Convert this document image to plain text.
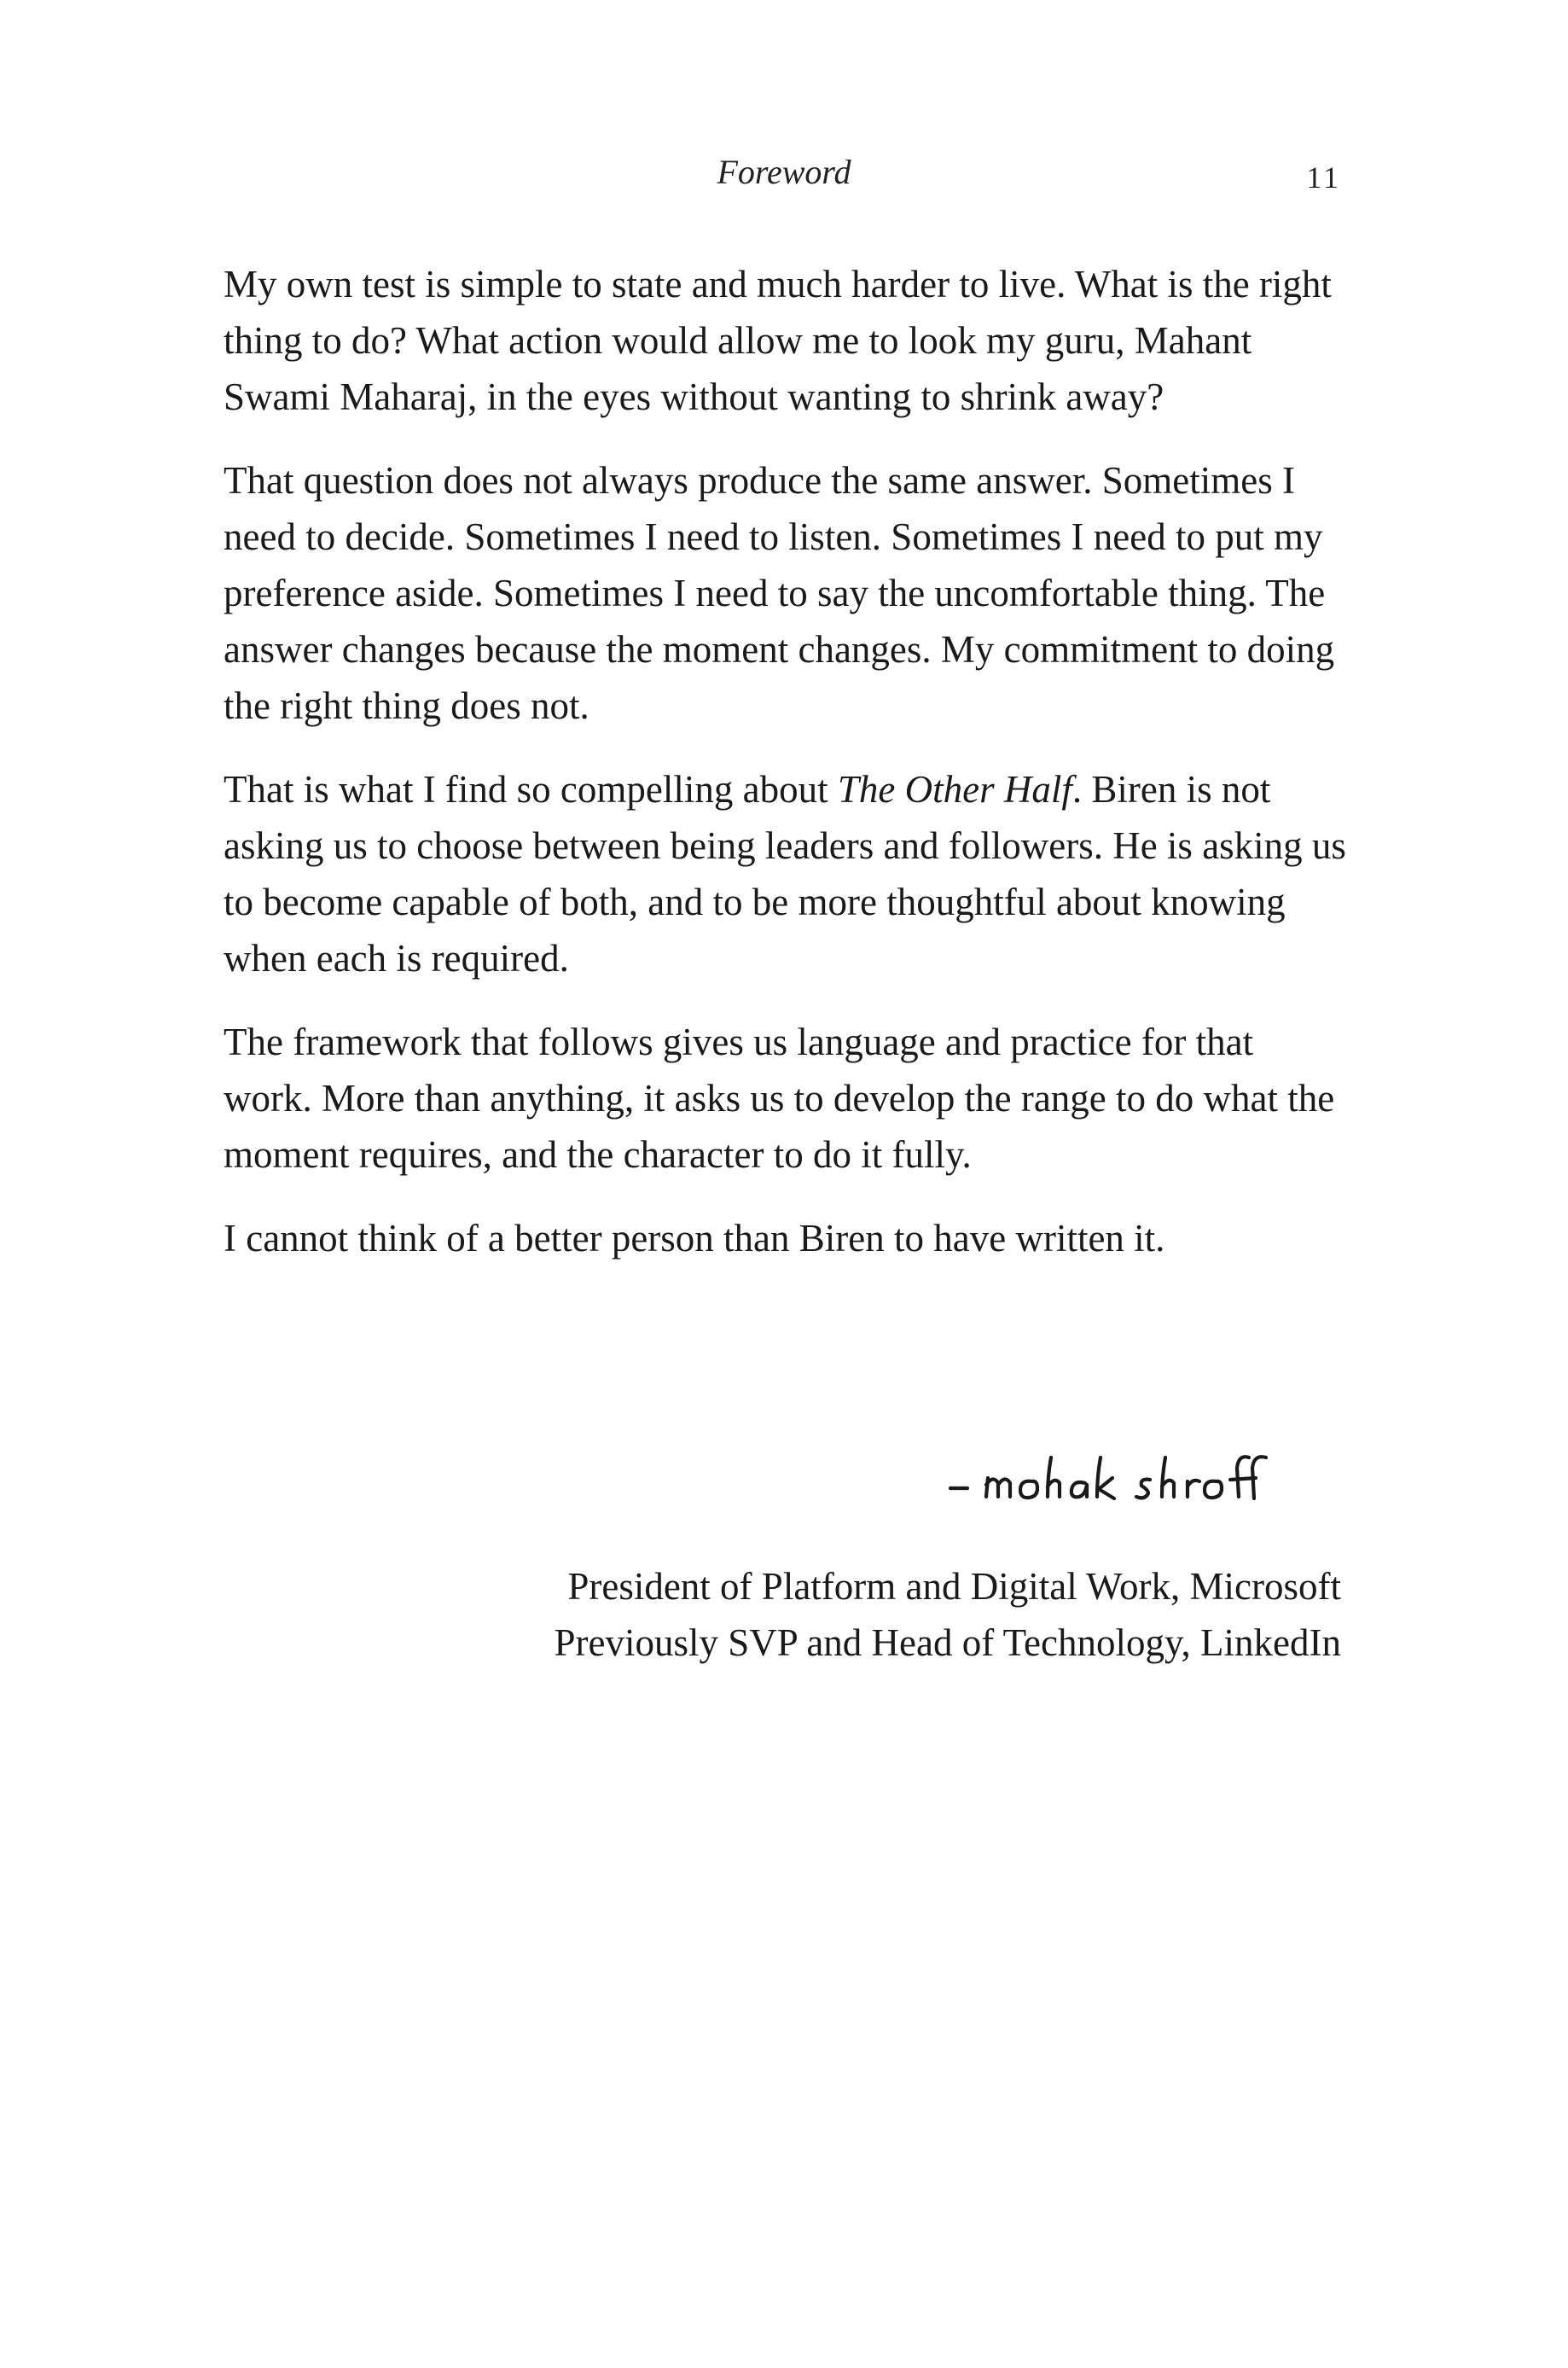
Foreword	11

My own test is simple to state and much harder to live. What is the right thing to do? What action would allow me to look my guru, Mahant Swami Maharaj, in the eyes without wanting to shrink away?

That question does not always produce the same answer. Sometimes I need to decide. Sometimes I need to listen. Sometimes I need to put my preference aside. Sometimes I need to say the uncomfortable thing. The answer changes because the moment changes. My commitment to doing the right thing does not.

That is what I find so compelling about The Other Half. Biren is not asking us to choose between being leaders and followers. He is asking us to become capable of both, and to be more thoughtful about knowing when each is required.

The framework that follows gives us language and practice for that work. More than anything, it asks us to develop the range to do what the moment requires, and the character to do it fully.

I cannot think of a better person than Biren to have written it.

President of Platform and Digital Work, Microsoft
Previously SVP and Head of Technology, LinkedIn
